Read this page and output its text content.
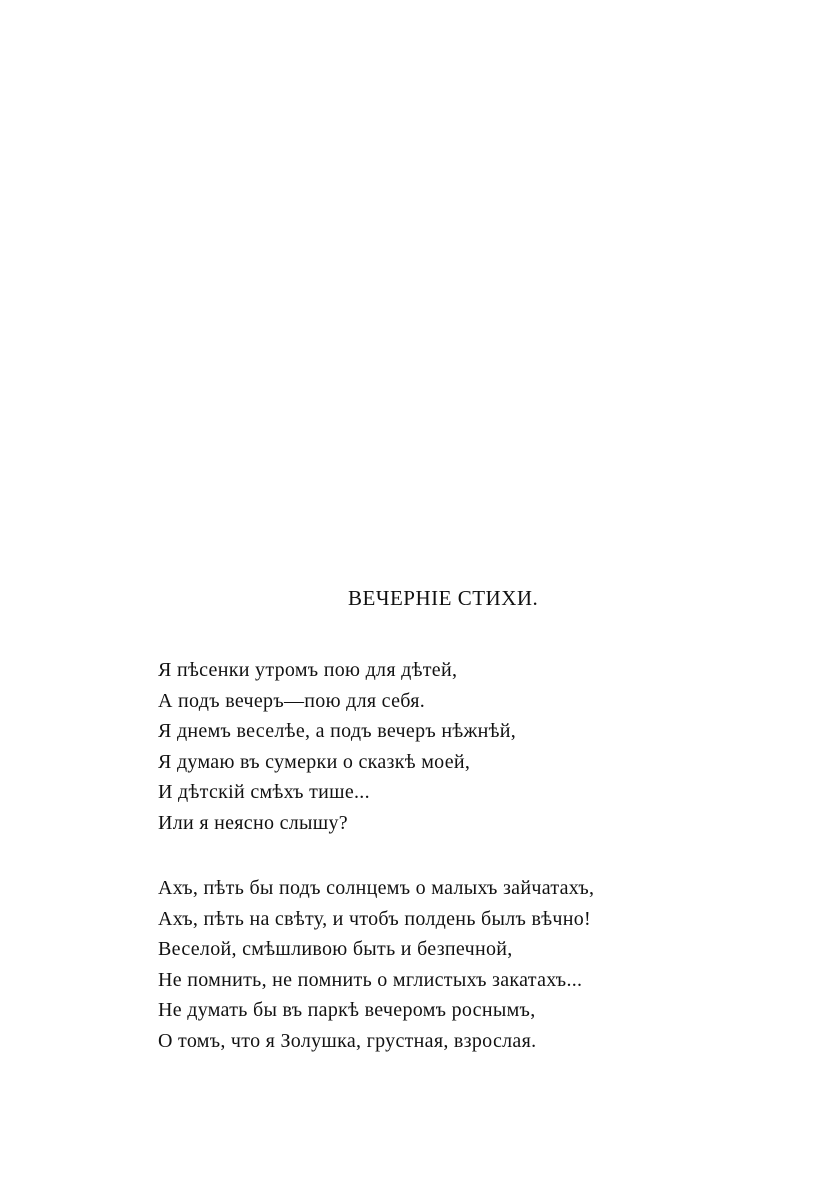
ВЕЧЕРНІЕ СТИХИ.
Я пѣсенки утромъ пою для дѣтей,
А подъ вечеръ—пою для себя.
Я днемъ веселѣе, а подъ вечеръ нѣжнѣй,
Я думаю въ сумерки о сказкѣ моей,
И дѣтскій смѣхъ тише...
Или я неясно слышу?
Ахъ, пѣть бы подъ солнцемъ о малыхъ зайчатахъ,
Ахъ, пѣть на свѣту, и чтобъ полдень былъ вѣчно!
Веселой, смѣшливою быть и безпечной,
Не помнить, не помнить о мглистыхъ закатахъ...
Не думать бы въ паркѣ вечеромъ роснымъ,
О томъ, что я Золушка, грустная, взрослая.
